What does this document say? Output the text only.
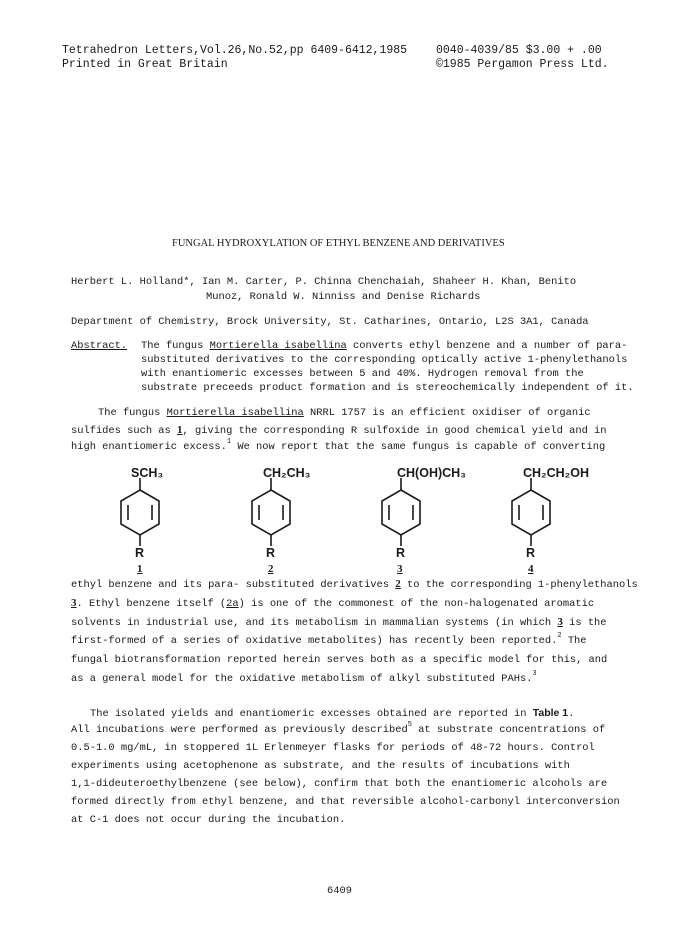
Tetrahedron Letters,Vol.26,No.52,pp 6409-6412,1985
Printed in Great Britain
0040-4039/85 $3.00 + .00
©1985 Pergamon Press Ltd.
FUNGAL HYDROXYLATION OF ETHYL BENZENE AND DERIVATIVES
Herbert L. Holland*, Ian M. Carter, P. Chinna Chenchaiah, Shaheer H. Khan, Benito
Munoz, Ronald W. Ninniss and Denise Richards
Department of Chemistry, Brock University, St. Catharines, Ontario, L2S 3A1, Canada
Abstract. The fungus Mortierella isabellina converts ethyl benzene and a number of para-
substituted derivatives to the corresponding optically active 1-phenylethanols
with enantiomeric excesses between 5 and 40%. Hydrogen removal from the
substrate preceeds product formation and is stereochemically independent of it.
The fungus Mortierella isabellina NRRL 1757 is an efficient oxidiser of organic
sulfides such as 1, giving the corresponding R sulfoxide in good chemical yield and in
high enantiomeric excess.$^1$ We now report that the same fungus is capable of converting
SCH₃	CH₂CH₃	CH(OH)CH₃	CH₂CH₂OH
R	R	R	R
1	2	3	4
ethyl benzene and its para- substituted derivatives 2 to the corresponding 1-phenylethanols
3. Ethyl benzene itself (2a) is one of the commonest of the non-halogenated aromatic
solvents in industrial use, and its metabolism in mammalian systems (in which 3 is the
first-formed of a series of oxidative metabolites) has recently been reported.$^2$ The
fungal biotransformation reported herein serves both as a specific model for this, and
as a general model for the oxidative metabolism of alkyl substituted PAHs.$^3$
The isolated yields and enantiomeric excesses obtained are reported in Table 1.
All incubations were performed as previously described$^5$ at substrate concentrations of
0.5-1.0 mg/mL, in stoppered 1L Erlenmeyer flasks for periods of 48-72 hours. Control
experiments using acetophenone as substrate, and the results of incubations with
1,1-dideuteroethylbenzene (see below), confirm that both the enantiomeric alcohols are
formed directly from ethyl benzene, and that reversible alcohol-carbonyl interconversion
at C-1 does not occur during the incubation.
6409
